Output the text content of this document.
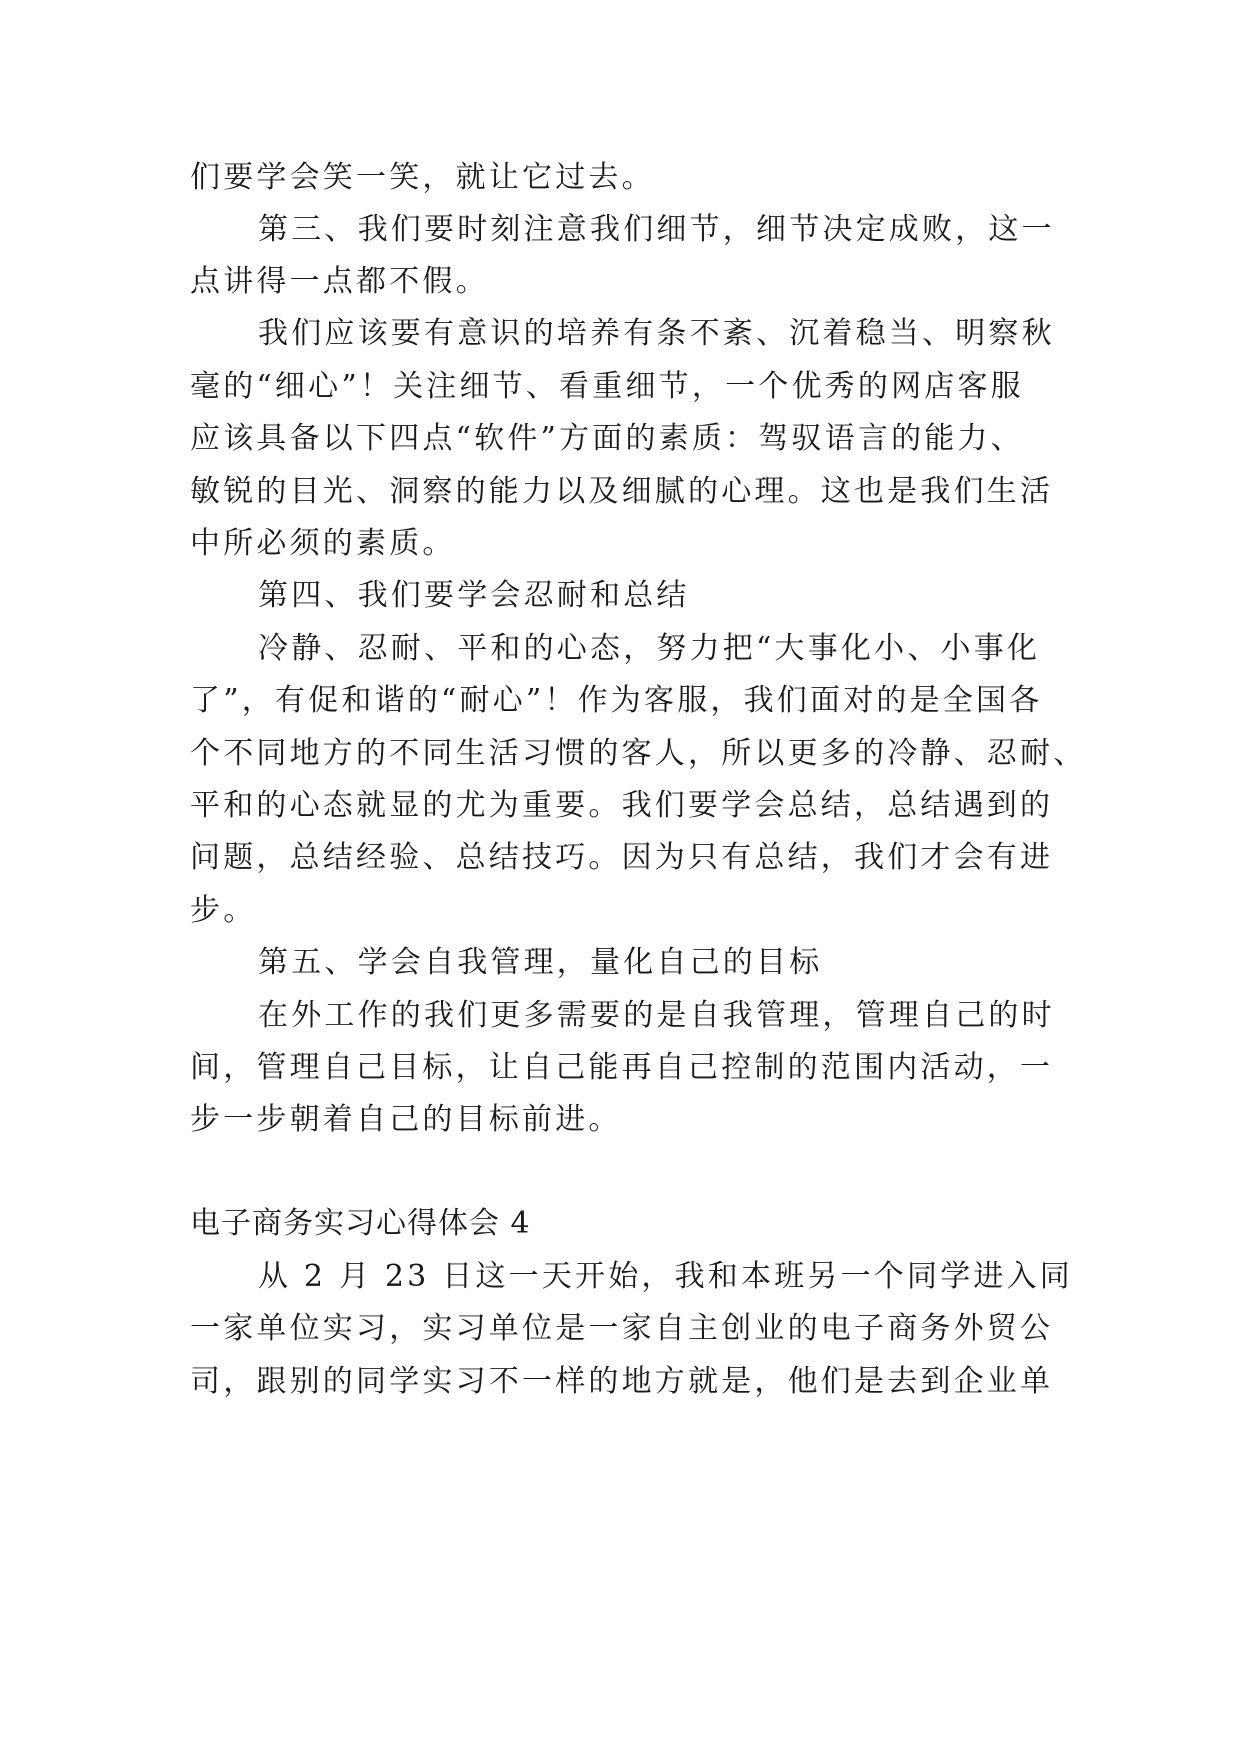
们要学会笑一笑，就让它过去。
第三、我们要时刻注意我们细节，细节决定成败，这一
点讲得一点都不假。
我们应该要有意识的培养有条不紊、沉着稳当、明察秋
毫的“细心”！关注细节、看重细节，一个优秀的网店客服
应该具备以下四点“软件”方面的素质：驾驭语言的能力、
敏锐的目光、洞察的能力以及细腻的心理。这也是我们生活
中所必须的素质。
第四、我们要学会忍耐和总结
冷静、忍耐、平和的心态，努力把“大事化小、小事化
了”，有促和谐的“耐心”！作为客服，我们面对的是全国各
个不同地方的不同生活习惯的客人，所以更多的冷静、忍耐、
平和的心态就显的尤为重要。我们要学会总结，总结遇到的
问题，总结经验、总结技巧。因为只有总结，我们才会有进
步。
第五、学会自我管理，量化自己的目标
在外工作的我们更多需要的是自我管理，管理自己的时
间，管理自己目标，让自己能再自己控制的范围内活动，一
步一步朝着自己的目标前进。
电子商务实习心得体会 4
从 2 月 23 日这一天开始，我和本班另一个同学进入同
一家单位实习，实习单位是一家自主创业的电子商务外贸公
司，跟别的同学实习不一样的地方就是，他们是去到企业单
